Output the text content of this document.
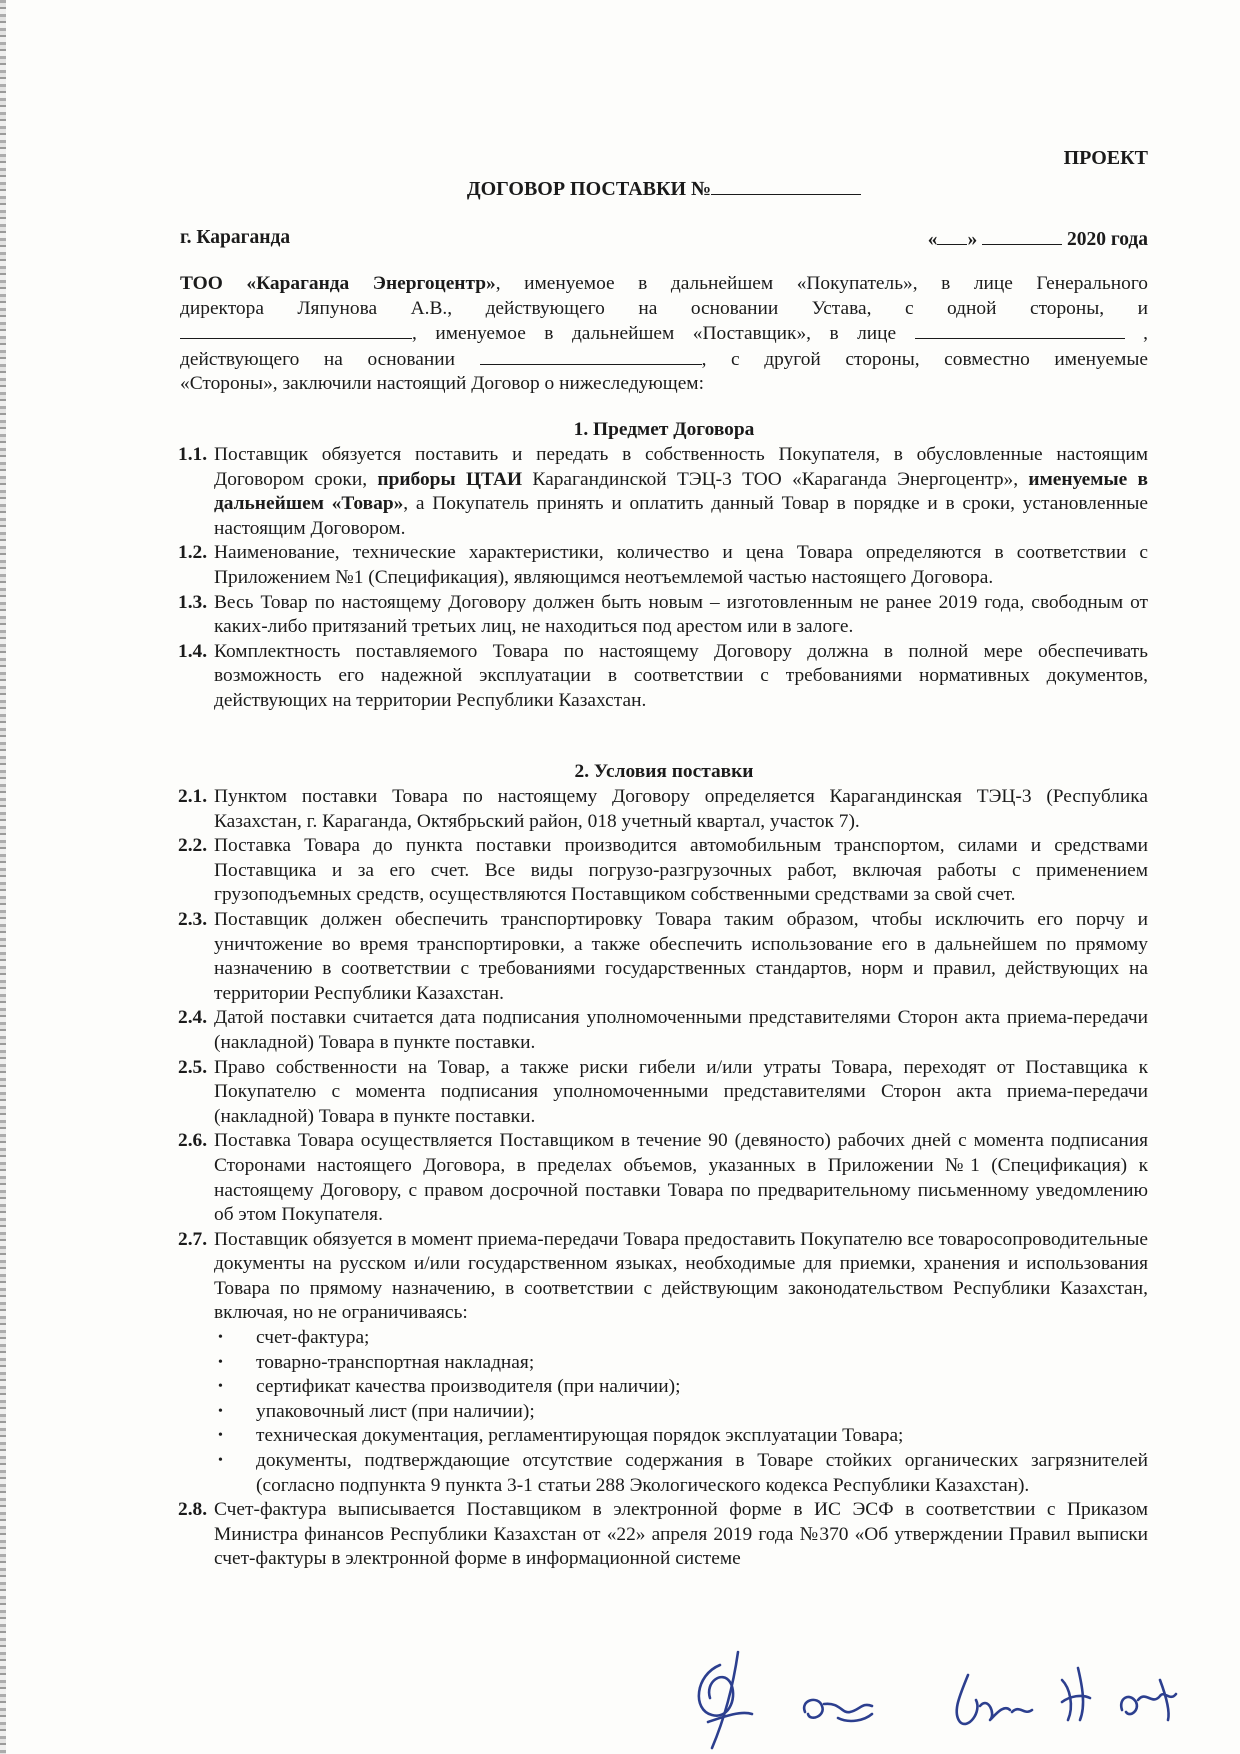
ПРОЕКТ
ДОГОВОР ПОСТАВКИ №
г. Караганда	« »	2020 года

ТОО «Караганда Энергоцентр», именуемое в дальнейшем «Покупатель», в лице Генерального

директора Ляпунова А.В., действующего на основании Устава, с одной стороны, и

, именуемое в дальнейшем «Поставщик», в лице	,

действующего на основании	, с другой стороны, совместно именуемые

«Стороны», заключили настоящий Договор о нижеследующем:

1. Предмет Договора
1.1. Поставщик обязуется поставить и передать в собственность Покупателя, в обусловленные настоящим Договором сроки, приборы ЦТАИ Карагандинской ТЭЦ-3 ТОО «Караганда Энергоцентр», именуемые в дальнейшем «Товар», а Покупатель принять и оплатить данный Товар в порядке и в сроки, установленные настоящим Договором.
1.2. Наименование, технические характеристики, количество и цена Товара определяются в соответствии с Приложением №1 (Спецификация), являющимся неотъемлемой частью настоящего Договора.
1.3. Весь Товар по настоящему Договору должен быть новым – изготовленным не ранее 2019 года, свободным от каких-либо притязаний третьих лиц, не находиться под арестом или в залоге.
1.4. Комплектность поставляемого Товара по настоящему Договору должна в полной мере обеспечивать возможность его надежной эксплуатации в соответствии с требованиями нормативных документов, действующих на территории Республики Казахстан.
2. Условия поставки
2.1. Пунктом поставки Товара по настоящему Договору определяется Карагандинская ТЭЦ-3 (Республика Казахстан, г. Караганда, Октябрьский район, 018 учетный квартал, участок 7).
2.2. Поставка Товара до пункта поставки производится автомобильным транспортом, силами и средствами Поставщика и за его счет. Все виды погрузо-разгрузочных работ, включая работы с применением грузоподъемных средств, осуществляются Поставщиком собственными средствами за свой счет.
2.3. Поставщик должен обеспечить транспортировку Товара таким образом, чтобы исключить его порчу и уничтожение во время транспортировки, а также обеспечить использование его в дальнейшем по прямому назначению в соответствии с требованиями государственных стандартов, норм и правил, действующих на территории Республики Казахстан.
2.4. Датой поставки считается дата подписания уполномоченными представителями Сторон акта приема-передачи (накладной) Товара в пункте поставки.
2.5. Право собственности на Товар, а также риски гибели и/или утраты Товара, переходят от Поставщика к Покупателю с момента подписания уполномоченными представителями Сторон акта приема-передачи (накладной) Товара в пункте поставки.
2.6. Поставка Товара осуществляется Поставщиком в течение 90 (девяносто) рабочих дней с момента подписания Сторонами настоящего Договора, в пределах объемов, указанных в Приложении №1 (Спецификация) к настоящему Договору, с правом досрочной поставки Товара по предварительному письменному уведомлению об этом Покупателя.
2.7. Поставщик обязуется в момент приема-передачи Товара предоставить Покупателю все товаросопроводительные документы на русском и/или государственном языках, необходимые для приемки, хранения и использования Товара по прямому назначению, в соответствии с действующим законодательством Республики Казахстан, включая, но не ограничиваясь:
•	счет-фактура;
•	товарно-транспортная накладная;
•	сертификат качества производителя (при наличии);
•	упаковочный лист (при наличии);
•	техническая документация, регламентирующая порядок эксплуатации Товара;
•	документы, подтверждающие отсутствие содержания в Товаре стойких органических загрязнителей (согласно подпункта 9 пункта 3-1 статьи 288 Экологического кодекса Республики Казахстан).
2.8. Счет-фактура выписывается Поставщиком в электронной форме в ИС ЭСФ в соответствии с Приказом Министра финансов Республики Казахстан от «22» апреля 2019 года №370 «Об утверждении Правил выписки счет-фактуры в электронной форме в информационной системе
